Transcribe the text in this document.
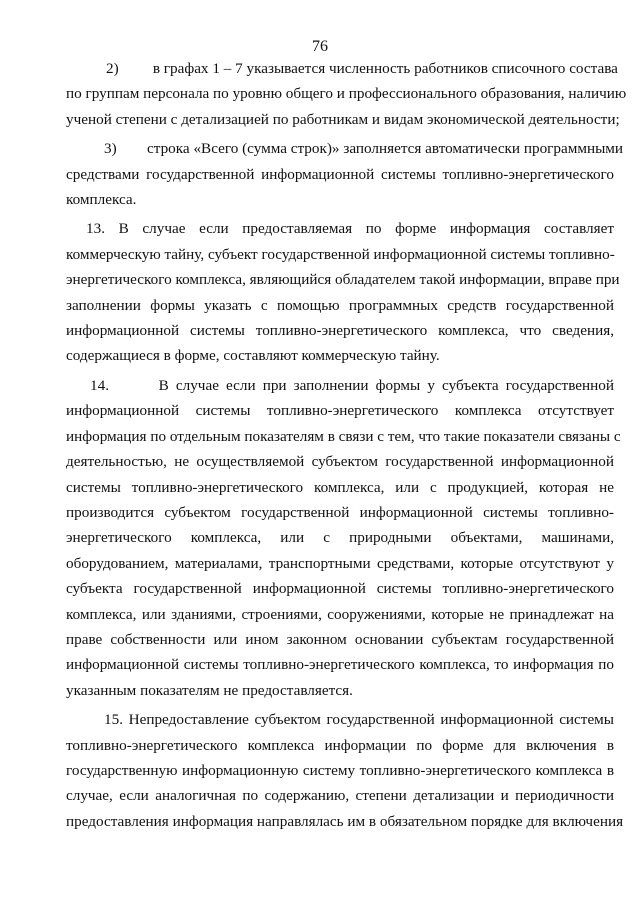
76
2)         в графах 1 – 7 указывается численность работников списочного состава
по группам персонала по уровню общего и профессионального образования, наличию
ученой степени с детализацией по работникам и видам экономической деятельности;
3)        строка «Всего (сумма строк)» заполняется автоматически программными
средствами государственной информационной системы топливно-энергетического
комплекса.
13. В случае если предоставляемая по форме информация составляет
коммерческую тайну, субъект государственной информационной системы топливно-
энергетического комплекса, являющийся обладателем такой информации, вправе при
заполнении формы указать с помощью программных средств государственной
информационной системы топливно-энергетического комплекса, что сведения,
содержащиеся в форме, составляют коммерческую тайну.
14.       В случае если при заполнении формы у субъекта государственной
информационной системы топливно-энергетического комплекса отсутствует
информация по отдельным показателям в связи с тем, что такие показатели связаны с
деятельностью, не осуществляемой субъектом государственной информационной
системы топливно-энергетического комплекса, или с продукцией, которая не
производится субъектом государственной информационной системы топливно-
энергетического комплекса, или с природными объектами, машинами,
оборудованием, материалами, транспортными средствами, которые отсутствуют у
субъекта государственной информационной системы топливно-энергетического
комплекса, или зданиями, строениями, сооружениями, которые не принадлежат на
праве собственности или ином законном основании субъектам государственной
информационной системы топливно-энергетического комплекса, то информация по
указанным показателям не предоставляется.
15. Непредоставление субъектом государственной информационной системы
топливно-энергетического комплекса информации по форме для включения в
государственную информационную систему топливно-энергетического комплекса в
случае, если аналогичная по содержанию, степени детализации и периодичности
предоставления информация направлялась им в обязательном порядке для включения
